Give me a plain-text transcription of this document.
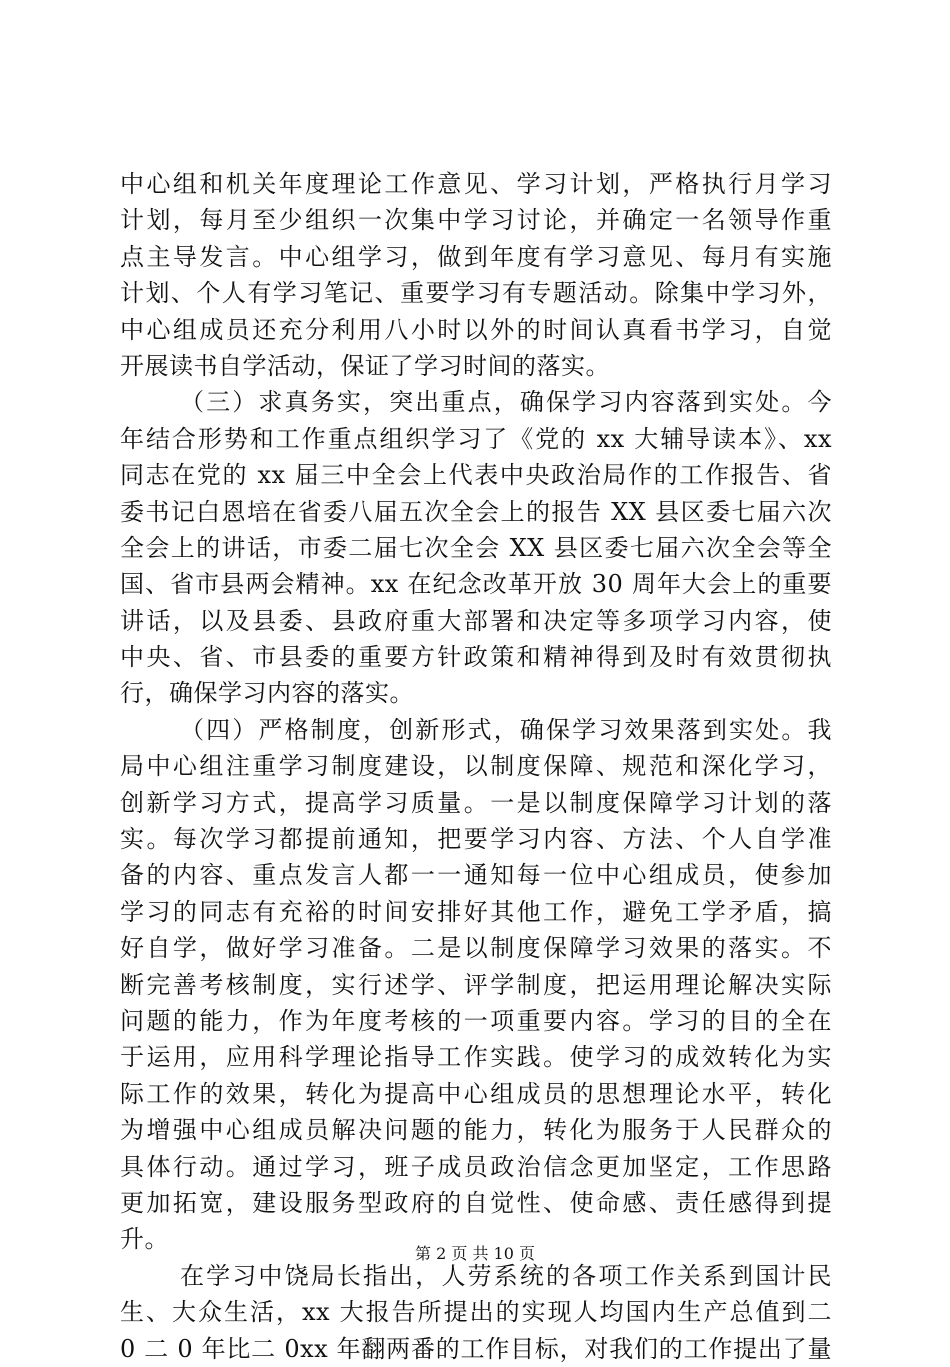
中心组和机关年度理论工作意见、学习计划，严格执行月学习
计划，每月至少组织一次集中学习讨论，并确定一名领导作重
点主导发言。中心组学习，做到年度有学习意见、每月有实施
计划、个人有学习笔记、重要学习有专题活动。除集中学习外，
中心组成员还充分利用八小时以外的时间认真看书学习，自觉
开展读书自学活动，保证了学习时间的落实。
（三）求真务实，突出重点，确保学习内容落到实处。今
年结合形势和工作重点组织学习了《党的 xx 大辅导读本》、xx
同志在党的 xx 届三中全会上代表中央政治局作的工作报告、省
委书记白恩培在省委八届五次全会上的报告 XX 县区委七届六次
全会上的讲话，市委二届七次全会 XX 县区委七届六次全会等全
国、省市县两会精神。xx 在纪念改革开放 30 周年大会上的重要
讲话，以及县委、县政府重大部署和决定等多项学习内容，使
中央、省、市县委的重要方针政策和精神得到及时有效贯彻执
行，确保学习内容的落实。
（四）严格制度，创新形式，确保学习效果落到实处。我
局中心组注重学习制度建设，以制度保障、规范和深化学习，
创新学习方式，提高学习质量。一是以制度保障学习计划的落
实。每次学习都提前通知，把要学习内容、方法、个人自学准
备的内容、重点发言人都一一通知每一位中心组成员，使参加
学习的同志有充裕的时间安排好其他工作，避免工学矛盾，搞
好自学，做好学习准备。二是以制度保障学习效果的落实。不
断完善考核制度，实行述学、评学制度，把运用理论解决实际
问题的能力，作为年度考核的一项重要内容。学习的目的全在
于运用，应用科学理论指导工作实践。使学习的成效转化为实
际工作的效果，转化为提高中心组成员的思想理论水平，转化
为增强中心组成员解决问题的能力，转化为服务于人民群众的
具体行动。通过学习，班子成员政治信念更加坚定，工作思路
更加拓宽，建设服务型政府的自觉性、使命感、责任感得到提
升。
在学习中饶局长指出，人劳系统的各项工作关系到国计民
生、大众生活，xx 大报告所提出的实现人均国内生产总值到二
0 二 0 年比二 0xx 年翻两番的工作目标，对我们的工作提出了量
第 2 页 共 10 页
